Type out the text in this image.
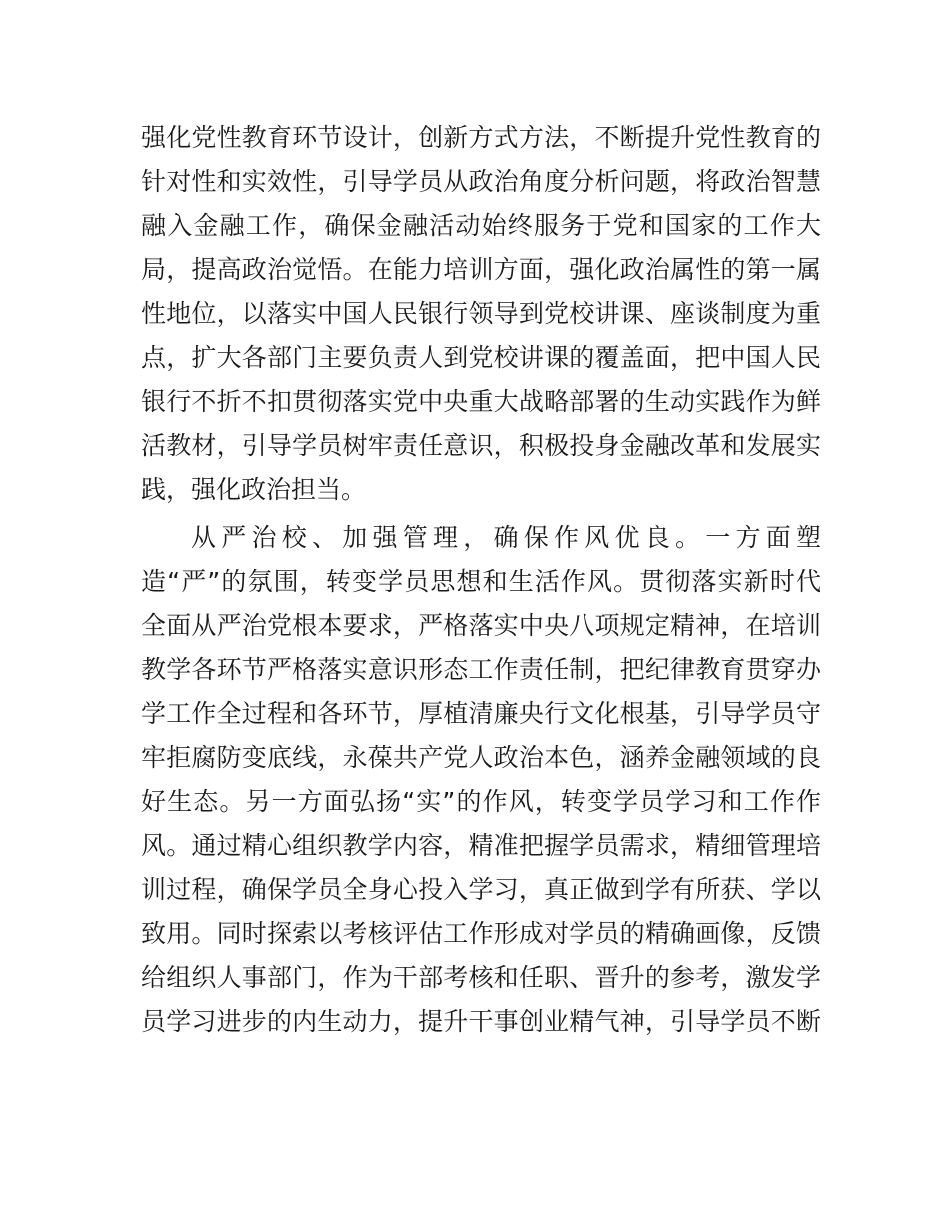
强化党性教育环节设计，创新方式方法，不断提升党性教育的
针对性和实效性，引导学员从政治角度分析问题，将政治智慧
融入金融工作，确保金融活动始终服务于党和国家的工作大
局，提高政治觉悟。在能力培训方面，强化政治属性的第一属
性地位，以落实中国人民银行领导到党校讲课、座谈制度为重
点，扩大各部门主要负责人到党校讲课的覆盖面，把中国人民
银行不折不扣贯彻落实党中央重大战略部署的生动实践作为鲜
活教材，引导学员树牢责任意识，积极投身金融改革和发展实
践，强化政治担当。
从严治校、加强管理，确保作风优良。一方面塑
造“严”的氛围，转变学员思想和生活作风。贯彻落实新时代
全面从严治党根本要求，严格落实中央八项规定精神，在培训
教学各环节严格落实意识形态工作责任制，把纪律教育贯穿办
学工作全过程和各环节，厚植清廉央行文化根基，引导学员守
牢拒腐防变底线，永葆共产党人政治本色，涵养金融领域的良
好生态。另一方面弘扬“实”的作风，转变学员学习和工作作
风。通过精心组织教学内容，精准把握学员需求，精细管理培
训过程，确保学员全身心投入学习，真正做到学有所获、学以
致用。同时探索以考核评估工作形成对学员的精确画像，反馈
给组织人事部门，作为干部考核和任职、晋升的参考，激发学
员学习进步的内生动力，提升干事创业精气神，引导学员不断
